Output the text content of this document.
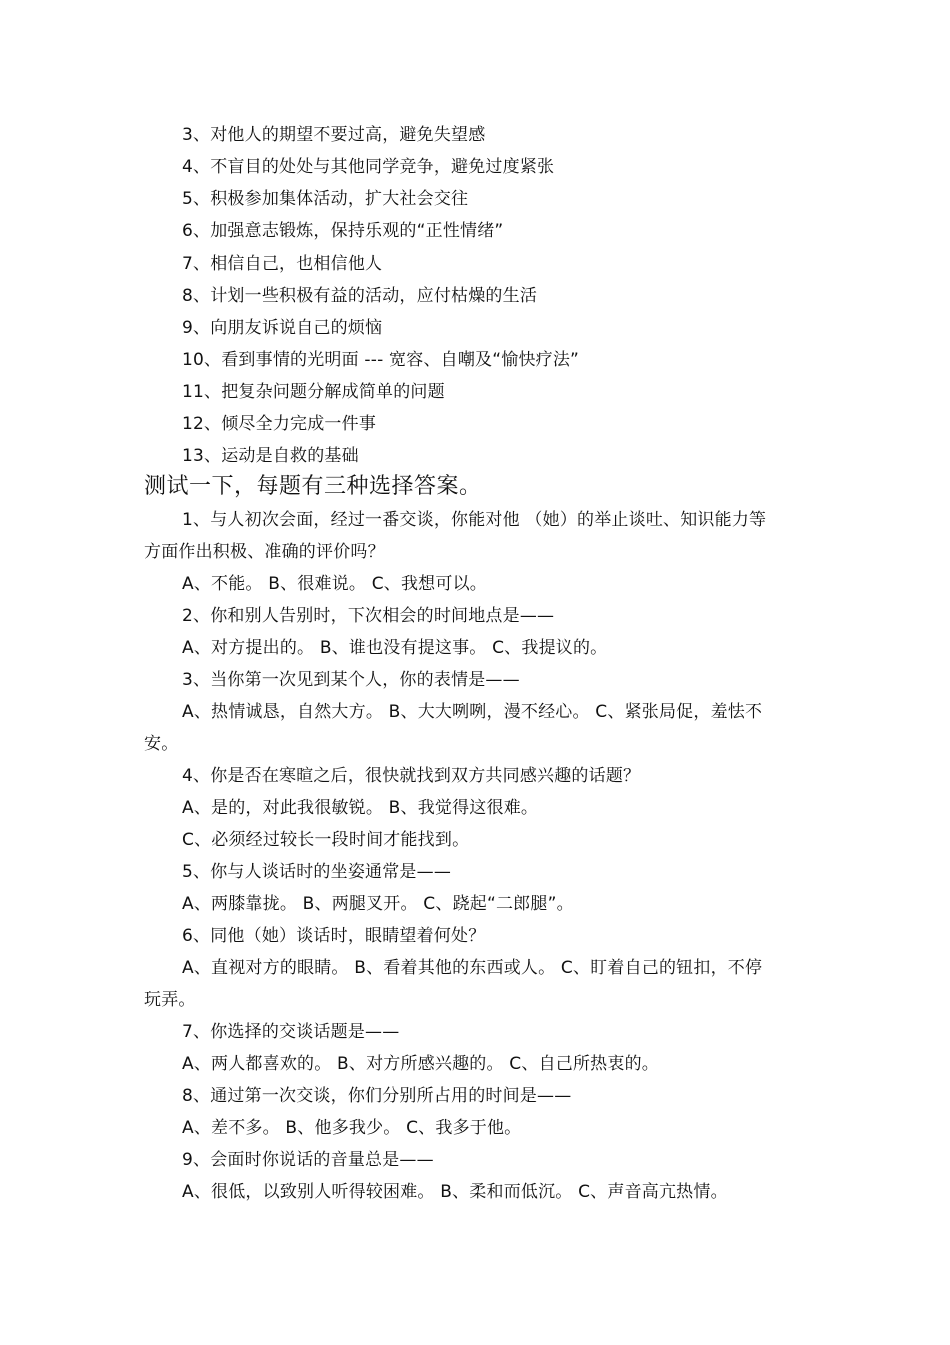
3、对他人的期望不要过高，避免失望感
4、不盲目的处处与其他同学竞争，避免过度紧张
5、积极参加集体活动，扩大社会交往
6、加强意志锻炼，保持乐观的“正性情绪”
7、相信自己，也相信他人
8、计划一些积极有益的活动，应付枯燥的生活
9、向朋友诉说自己的烦恼
10、看到事情的光明面 --- 宽容、自嘲及“愉快疗法”
11、把复杂问题分解成简单的问题
12、倾尽全力完成一件事
13、运动是自救的基础
测试一下，每题有三种选择答案。
1、与人初次会面，经过一番交谈，你能对他 （她）的举止谈吐、知识能力等
方面作出积极、准确的评价吗？
A、不能。 B、很难说。 C、我想可以。
2、你和别人告别时，下次相会的时间地点是——
A、对方提出的。 B、谁也没有提这事。 C、我提议的。
3、当你第一次见到某个人，你的表情是——
A、热情诚恳，自然大方。 B、大大咧咧，漫不经心。 C、紧张局促，羞怯不
安。
4、你是否在寒暄之后，很快就找到双方共同感兴趣的话题？
A、是的，对此我很敏锐。 B、我觉得这很难。
C、必须经过较长一段时间才能找到。
5、你与人谈话时的坐姿通常是——
A、两膝靠拢。 B、两腿叉开。 C、跷起“二郎腿”。
6、同他（她）谈话时，眼睛望着何处？
A、直视对方的眼睛。 B、看着其他的东西或人。 C、盯着自己的钮扣，不停
玩弄。
7、你选择的交谈话题是——
A、两人都喜欢的。 B、对方所感兴趣的。 C、自己所热衷的。
8、通过第一次交谈，你们分别所占用的时间是——
A、差不多。 B、他多我少。 C、我多于他。
9、会面时你说话的音量总是——
A、很低，以致别人听得较困难。 B、柔和而低沉。 C、声音高亢热情。
